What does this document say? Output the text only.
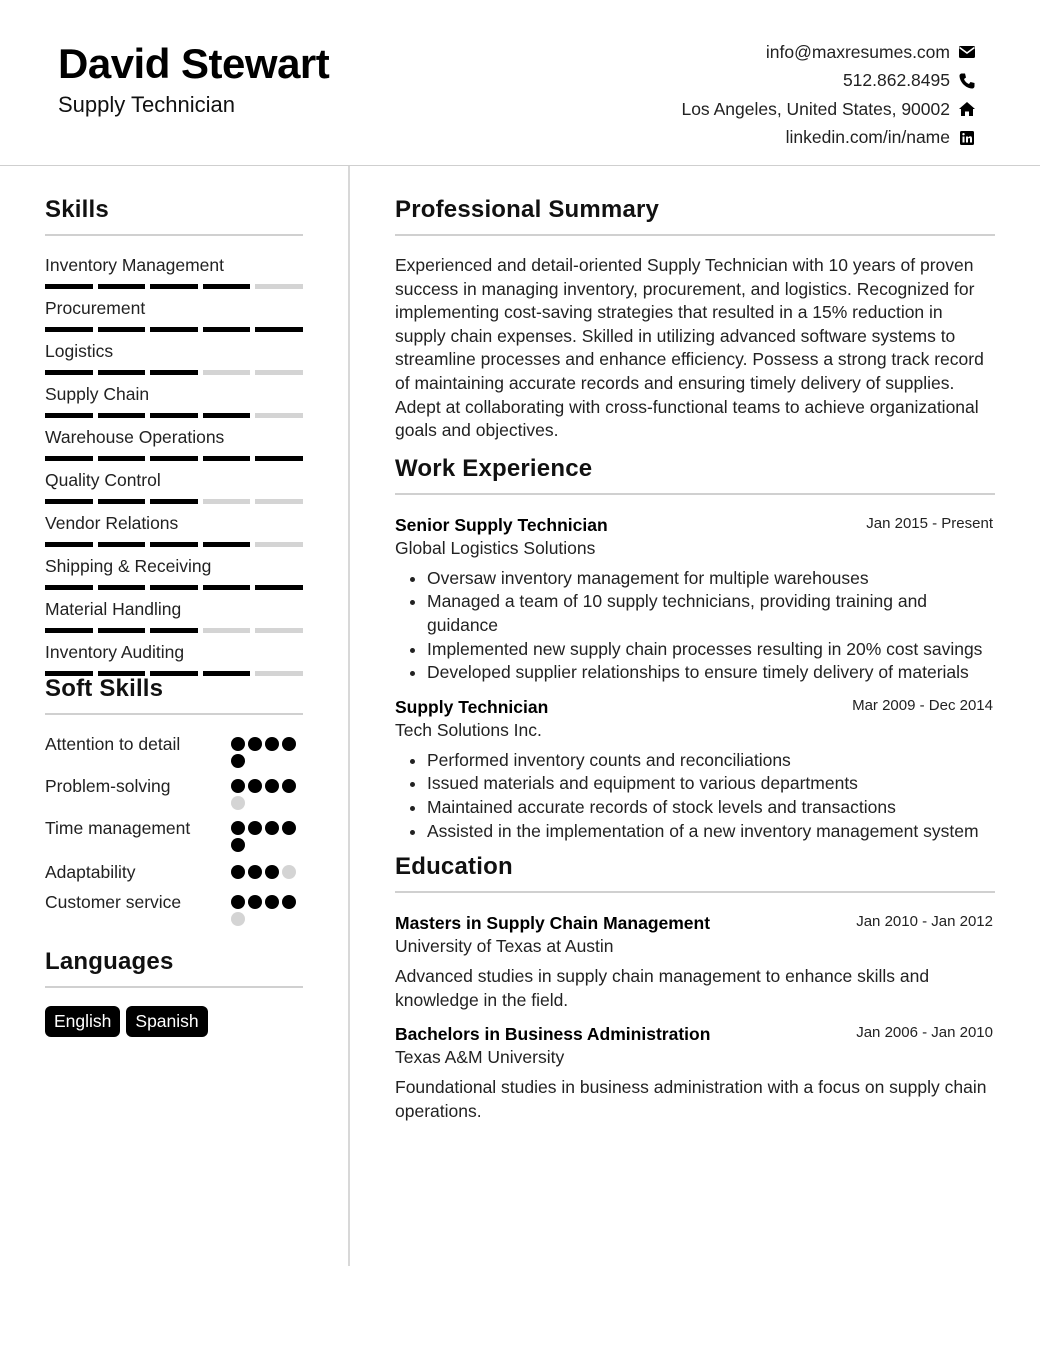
David Stewart
Supply Technician
info@maxresumes.com
512.862.8495
Los Angeles, United States, 90002
linkedin.com/in/name
Skills
Inventory Management
Procurement
Logistics
Supply Chain
Warehouse Operations
Quality Control
Vendor Relations
Shipping & Receiving
Material Handling
Inventory Auditing
Soft Skills
Attention to detail
Problem-solving
Time management
Adaptability
Customer service
Languages
English	Spanish
Professional Summary
Experienced and detail-oriented Supply Technician with 10 years of proven success in managing inventory, procurement, and logistics. Recognized for implementing cost-saving strategies that resulted in a 15% reduction in supply chain expenses. Skilled in utilizing advanced software systems to streamline processes and enhance efficiency. Possess a strong track record of maintaining accurate records and ensuring timely delivery of supplies. Adept at collaborating with cross-functional teams to achieve organizational goals and objectives.
Work Experience
Senior Supply Technician	Jan 2015 - Present
Global Logistics Solutions
• Oversaw inventory management for multiple warehouses
• Managed a team of 10 supply technicians, providing training and guidance
• Implemented new supply chain processes resulting in 20% cost savings
• Developed supplier relationships to ensure timely delivery of materials
Supply Technician	Mar 2009 - Dec 2014
Tech Solutions Inc.
• Performed inventory counts and reconciliations
• Issued materials and equipment to various departments
• Maintained accurate records of stock levels and transactions
• Assisted in the implementation of a new inventory management system
Education
Masters in Supply Chain Management	Jan 2010 - Jan 2012
University of Texas at Austin
Advanced studies in supply chain management to enhance skills and knowledge in the field.
Bachelors in Business Administration	Jan 2006 - Jan 2010
Texas A&M University
Foundational studies in business administration with a focus on supply chain operations.
